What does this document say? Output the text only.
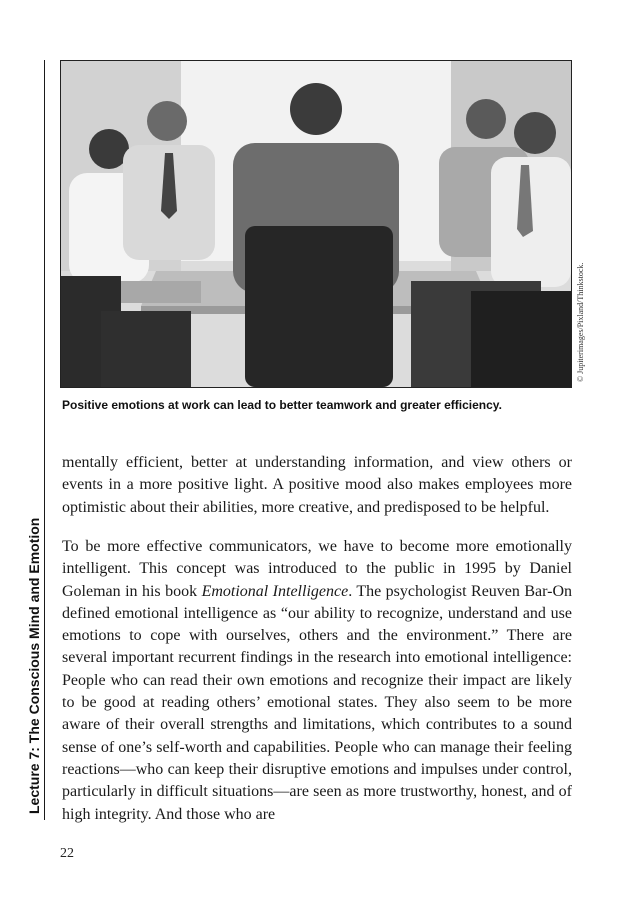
Lecture 7: The Conscious Mind and Emotion
© Jupiterimages/Pixland/Thinkstock.
Positive emotions at work can lead to better teamwork and greater efficiency.

mentally efficient, better at understanding information, and view others or events in a more positive light. A positive mood also makes employees more optimistic about their abilities, more creative, and predisposed to be helpful.

To be more effective communicators, we have to become more emotionally intelligent. This concept was introduced to the public in 1995 by Daniel Goleman in his book Emotional Intelligence. The psychologist Reuven Bar-On defined emotional intelligence as “our ability to recognize, understand and use emotions to cope with ourselves, others and the environment.” There are several important recurrent findings in the research into emotional intelligence: People who can read their own emotions and recognize their impact are likely to be good at reading others’ emotional states. They also seem to be more aware of their overall strengths and limitations, which contributes to a sound sense of one’s self-worth and capabilities. People who can manage their feeling reactions—who can keep their disruptive emotions and impulses under control, particularly in difficult situations—are seen as more trustworthy, honest, and of high integrity. And those who are

22
